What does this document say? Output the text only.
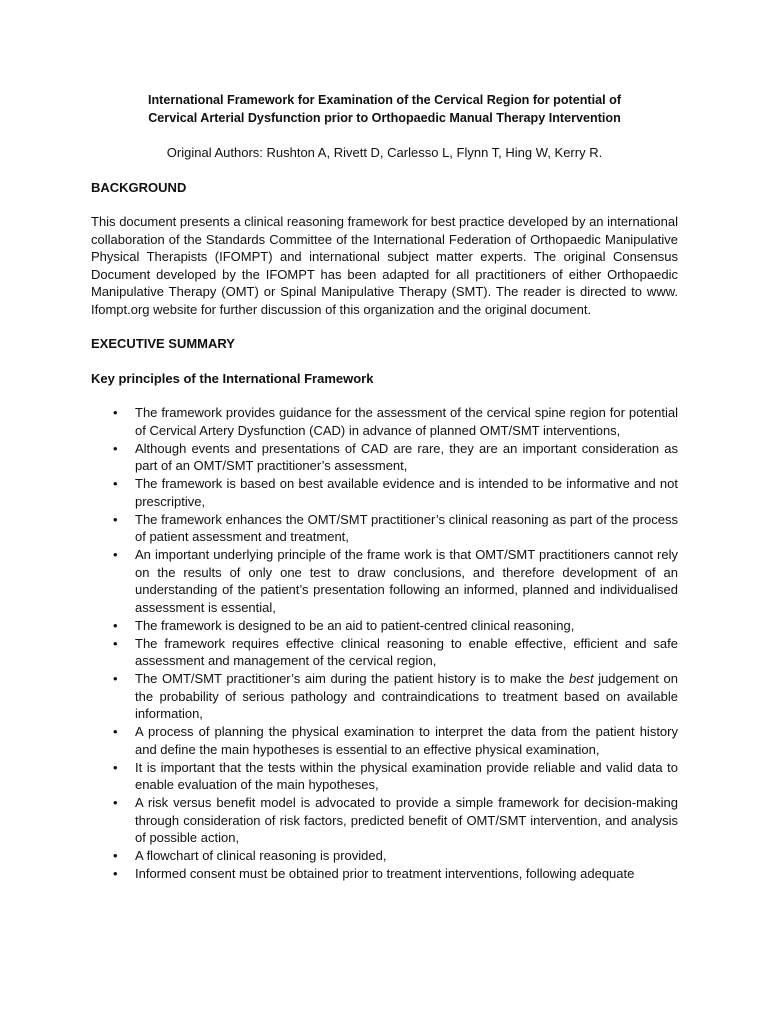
International Framework for Examination of the Cervical Region for potential of
Cervical Arterial Dysfunction prior to Orthopaedic Manual Therapy Intervention

Original Authors: Rushton A, Rivett D, Carlesso L, Flynn T, Hing W, Kerry R.

BACKGROUND

This document presents a clinical reasoning framework for best practice developed by an international collaboration of the Standards Committee of the International Federation of Orthopaedic Manipulative Physical Therapists (IFOMPT) and international subject matter experts. The original Consensus Document developed by the IFOMPT has been adapted for all practitioners of either Orthopaedic Manipulative Therapy (OMT) or Spinal Manipulative Therapy (SMT). The reader is directed to www. Ifompt.org website for further discussion of this organization and the original document.

EXECUTIVE SUMMARY

Key principles of the International Framework

• The framework provides guidance for the assessment of the cervical spine region for potential of Cervical Artery Dysfunction (CAD) in advance of planned OMT/SMT interventions,
• Although events and presentations of CAD are rare, they are an important consideration as part of an OMT/SMT practitioner’s assessment,
• The framework is based on best available evidence and is intended to be informative and not prescriptive,
• The framework enhances the OMT/SMT practitioner’s clinical reasoning as part of the process of patient assessment and treatment,
• An important underlying principle of the frame work is that OMT/SMT practitioners cannot rely on the results of only one test to draw conclusions, and therefore development of an understanding of the patient’s presentation following an informed, planned and individualised assessment is essential,
• The framework is designed to be an aid to patient-centred clinical reasoning,
• The framework requires effective clinical reasoning to enable effective, efficient and safe assessment and management of the cervical region,
• The OMT/SMT practitioner’s aim during the patient history is to make the best judgement on the probability of serious pathology and contraindications to treatment based on available information,
• A process of planning the physical examination to interpret the data from the patient history and define the main hypotheses is essential to an effective physical examination,
• It is important that the tests within the physical examination provide reliable and valid data to enable evaluation of the main hypotheses,
• A risk versus benefit model is advocated to provide a simple framework for decision-making through consideration of risk factors, predicted benefit of OMT/SMT intervention, and analysis of possible action,
• A flowchart of clinical reasoning is provided,
• Informed consent must be obtained prior to treatment interventions, following adequate
